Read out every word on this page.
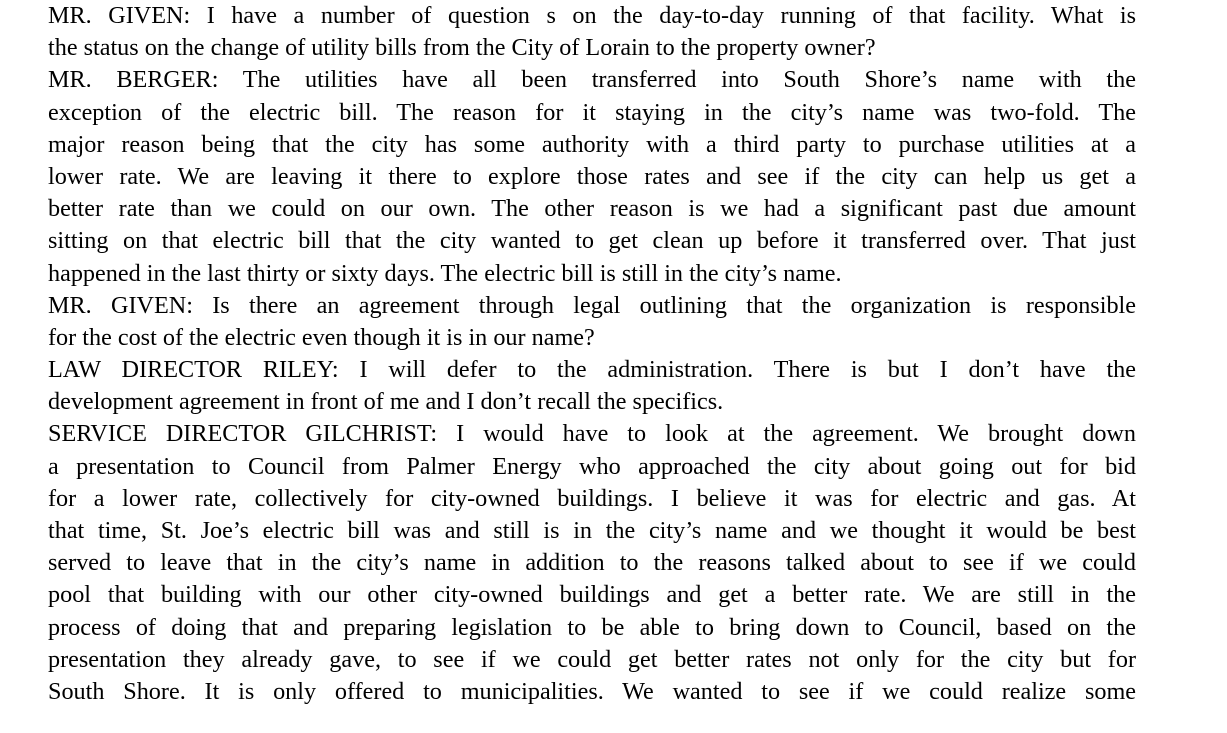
MR. GIVEN: I have a number of question s on the day-to-day running of that facility. What is
the status on the change of utility bills from the City of Lorain to the property owner?
MR. BERGER: The utilities have all been transferred into South Shore’s name with the
exception of the electric bill. The reason for it staying in the city’s name was two-fold. The
major reason being that the city has some authority with a third party to purchase utilities at a
lower rate. We are leaving it there to explore those rates and see if the city can help us get a
better rate than we could on our own. The other reason is we had a significant past due amount
sitting on that electric bill that the city wanted to get clean up before it transferred over. That just
happened in the last thirty or sixty days. The electric bill is still in the city’s name.
MR. GIVEN: Is there an agreement through legal outlining that the organization is responsible
for the cost of the electric even though it is in our name?
LAW DIRECTOR RILEY: I will defer to the administration. There is but I don’t have the
development agreement in front of me and I don’t recall the specifics.
SERVICE DIRECTOR GILCHRIST: I would have to look at the agreement. We brought down
a presentation to Council from Palmer Energy who approached the city about going out for bid
for a lower rate, collectively for city-owned buildings. I believe it was for electric and gas. At
that time, St. Joe’s electric bill was and still is in the city’s name and we thought it would be best
served to leave that in the city’s name in addition to the reasons talked about to see if we could
pool that building with our other city-owned buildings and get a better rate. We are still in the
process of doing that and preparing legislation to be able to bring down to Council, based on the
presentation they already gave, to see if we could get better rates not only for the city but for
South Shore. It is only offered to municipalities. We wanted to see if we could realize some
